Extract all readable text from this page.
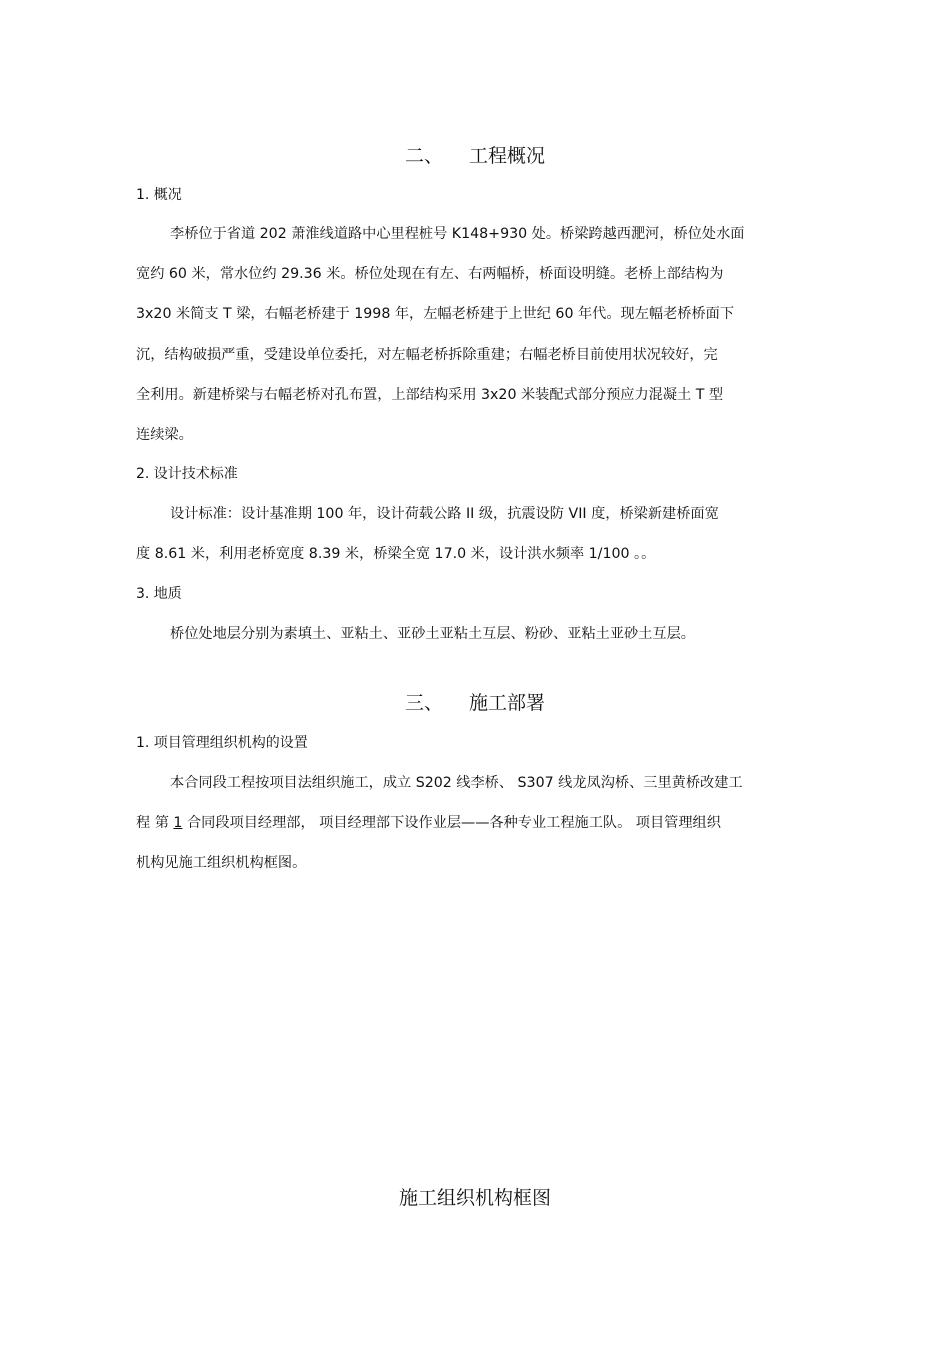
二、 工程概况
1. 概况
李桥位于省道 202 萧淮线道路中心里程桩号 K148+930 处。桥梁跨越西淝河，桥位处水面
宽约 60 米，常水位约 29.36 米。桥位处现在有左、右两幅桥，桥面设明缝。老桥上部结构为
3x20 米简支 T 梁，右幅老桥建于 1998 年，左幅老桥建于上世纪 60 年代。现左幅老桥桥面下
沉，结构破损严重，受建设单位委托，对左幅老桥拆除重建；右幅老桥目前使用状况较好，完
全利用。新建桥梁与右幅老桥对孔布置，上部结构采用 3x20 米装配式部分预应力混凝土 T 型
连续梁。
2. 设计技术标准
设计标准：设计基准期 100 年，设计荷载公路 II 级，抗震设防 VII 度，桥梁新建桥面宽
度 8.61 米，利用老桥宽度 8.39 米，桥梁全宽 17.0 米，设计洪水频率 1/100 。。
3. 地质
桥位处地层分别为素填土、亚粘土、亚砂土亚粘土互层、粉砂、亚粘土亚砂土互层。
三、 施工部署
1. 项目管理组织机构的设置
本合同段工程按项目法组织施工，成立 S202 线李桥、 S307 线龙凤沟桥、三里黄桥改建工
程 第 1 合同段项目经理部， 项目经理部下设作业层——各种专业工程施工队。 项目管理组织
机构见施工组织机构框图。
施工组织机构框图
